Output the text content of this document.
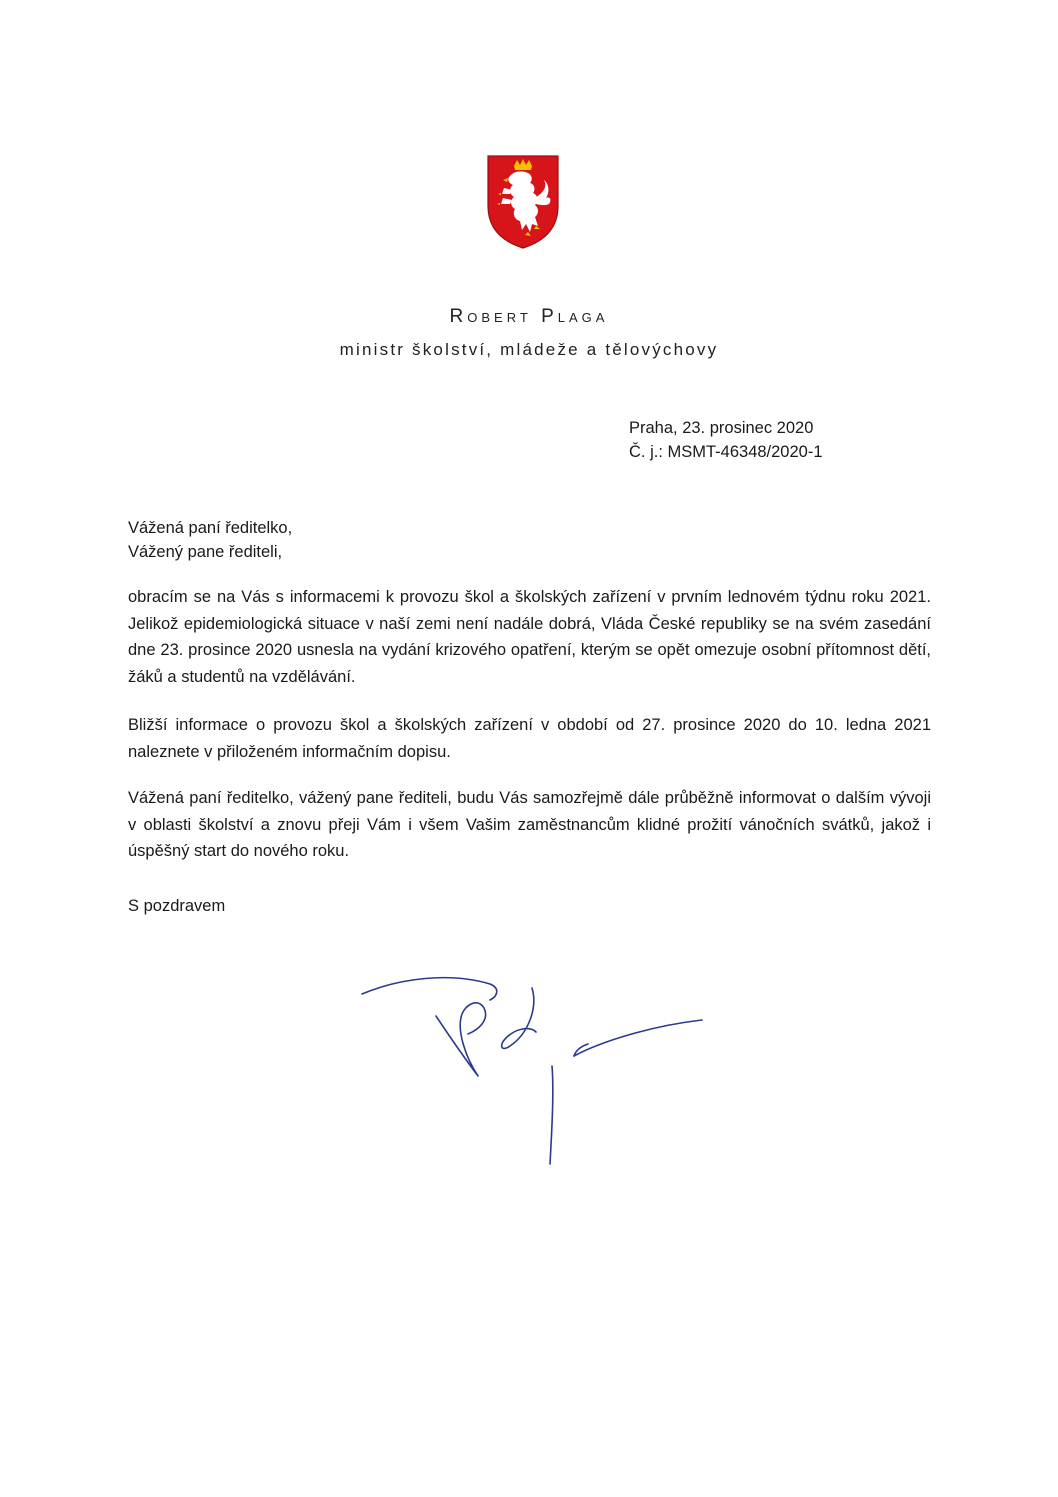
Robert Plaga
ministr školství, mládeže a tělovýchovy
Praha, 23. prosinec 2020
Č. j.: MSMT-46348/2020-1
Vážená paní ředitelko,
Vážený pane řediteli,
obracím se na Vás s informacemi k provozu škol a školských zařízení v prvním lednovém týdnu roku 2021. Jelikož epidemiologická situace v naší zemi není nadále dobrá, Vláda České republiky se na svém zasedání dne 23. prosince 2020 usnesla na vydání krizového opatření, kterým se opět omezuje osobní přítomnost dětí, žáků a studentů na vzdělávání.
Bližší informace o provozu škol a školských zařízení v období od 27. prosince 2020 do 10. ledna 2021 naleznete v přiloženém informačním dopisu.
Vážená paní ředitelko, vážený pane řediteli, budu Vás samozřejmě dále průběžně informovat o dalším vývoji v oblasti školství a znovu přeji Vám i všem Vašim zaměstnancům klidné prožití vánočních svátků, jakož i úspěšný start do nového roku.
S pozdravem
